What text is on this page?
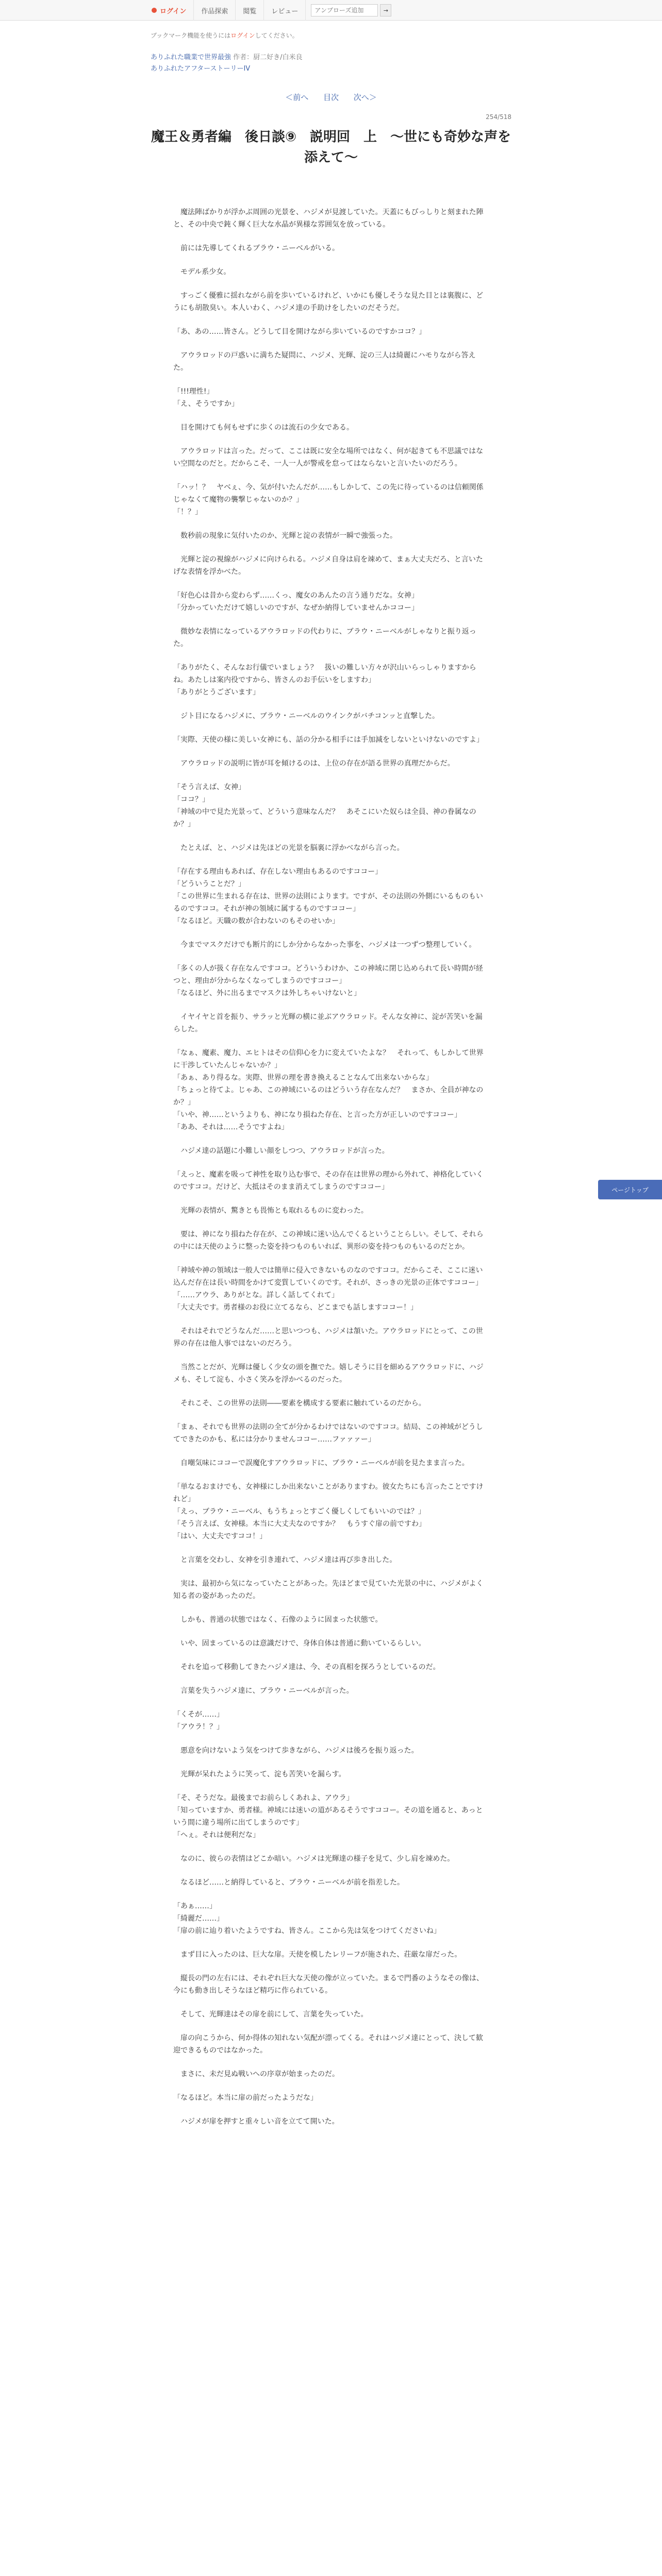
ログイン	作品探索	閲覧	レビュー
アンブローズ追加	→
ブックマーク機能を使うにはログインしてください。
ありふれた職業で世界最強 作者：厨二好き/白米良
ありふれたアフターストーリーIV
＜前へ 目次 次へ＞
254/518
魔王＆勇者編　後日談⑨　説明回　上　～世にも奇妙な声を添えて～

　魔法陣ばかりが浮かぶ周囲の光景を、ハジメが見渡していた。天蓋にもびっしりと刻まれた陣と、その中央で鈍く輝く巨大な水晶が異様な雰囲気を放っている。

　前には先導してくれるブラウ・ニーベルがいる。

　モデル系少女。

　すっごく優雅に揺れながら前を歩いているけれど、いかにも優しそうな見た目とは裏腹に、どうにも胡散臭い。本人いわく、ハジメ達の手助けをしたいのだそうだ。

「あ、あの……皆さん。どうして目を開けながら歩いているのですかココ？」

　アウラロッドの戸惑いに満ちた疑問に、ハジメ、光輝、淀の三人は綺麗にハモりながら答えた。

「!!!理性!」
「え、そうですか」

　目を開けても何もせずに歩くのは流石の少女である。

　アウラロッドは言った。だって、ここは既に安全な場所ではなく、何が起きても不思議ではない空間なのだと。だからこそ、一人一人が警戒を怠ってはならないと言いたいのだろう。

「ハッ！？　ヤベぇ、今、気が付いたんだが……もしかして、この先に待っているのは信頼関係じゃなくて魔物の襲撃じゃないのか？」
「！？」

　数秒前の現象に気付いたのか、光輝と淀の表情が一瞬で強張った。

　光輝と淀の視線がハジメに向けられる。ハジメ自身は肩を竦めて、まぁ大丈夫だろ、と言いたげな表情を浮かべた。

「好色心は昔から変わらず……くっ、魔女のあんたの言う通りだな。女神」
「分かっていただけて嬉しいのですが、なぜか納得していませんかココー」

　微妙な表情になっているアウラロッドの代わりに、ブラウ・ニーベルがしゃなりと振り返った。

「ありがたく、そんなお行儀でいましょう？　扱いの難しい方々が沢山いらっしゃりますからね。あたしは案内役ですから、皆さんのお手伝いをしますわ」
「ありがとうございます」

　ジト目になるハジメに、ブラウ・ニーベルのウインクがバチコンッと直撃した。

「実際、天使の様に美しい女神にも、話の分かる相手には手加減をしないといけないのですよ」

　アウラロッドの説明に皆が耳を傾けるのは、上位の存在が語る世界の真理だからだ。

「そう言えば、女神」
「ココ？」
「神域の中で見た光景って、どういう意味なんだ？　あそこにいた奴らは全員、神の眷属なのか？」

　たとえば、と、ハジメは先ほどの光景を脳裏に浮かべながら言った。

「存在する理由もあれば、存在しない理由もあるのですココー」
「どういうことだ？」
「この世界に生まれる存在は、世界の法則によります。ですが、その法則の外側にいるものもいるのですココ。それが神の領域に属するものですココー」
「なるほど。天職の数が合わないのもそのせいか」

　今までマスクだけでも断片的にしか分からなかった事を、ハジメは一つずつ整理していく。

「多くの人が扱く存在なんですココ。どういうわけか、この神域に閉じ込められて長い時間が経つと、理由が分からなくなってしまうのですココー」
「なるほど、外に出るまでマスクは外しちゃいけないと」

　イヤイヤと首を振り、サラッと光輝の横に並ぶアウラロッド。そんな女神に、淀が苦笑いを漏らした。

「なぁ、魔素、魔力、エヒトはその信仰心を力に変えていたよな？　それって、もしかして世界に干渉していたんじゃないか？」
「あぁ、あり得るな。実際、世界の理を書き換えることなんて出来ないからな」
「ちょっと待てよ。じゃあ、この神域にいるのはどういう存在なんだ？　まさか、全員が神なのか？」
「いや、神……というよりも、神になり損ねた存在、と言った方が正しいのですココー」
「ああ、それは……そうですよね」

　ハジメ達の話題に小難しい顔をしつつ、アウラロッドが言った。

「えっと、魔素を吸って神性を取り込む事で、その存在は世界の理から外れて、神格化していくのですココ。だけど、大抵はそのまま消えてしまうのですココー」

　光輝の表情が、驚きとも畏怖とも取れるものに変わった。

　要は、神になり損ねた存在が、この神域に迷い込んでくるということらしい。そして、それらの中には天使のように整った姿を持つものもいれば、異形の姿を持つものもいるのだとか。

「神域や神の領域は一般人では簡単に侵入できないものなのですココ。だからこそ、ここに迷い込んだ存在は長い時間をかけて変質していくのです。それが、さっきの光景の正体ですココー」
「……アウラ、ありがとな。詳しく話してくれて」
「大丈夫です。勇者様のお役に立てるなら、どこまでも話しますココー！」

　それはそれでどうなんだ……と思いつつも、ハジメは頷いた。アウラロッドにとって、この世界の存在は他人事ではないのだろう。

　当然ことだが、光輝は優しく少女の頭を撫でた。嬉しそうに目を細めるアウラロッドに、ハジメも、そして淀も、小さく笑みを浮かべるのだった。

　それこそ、この世界の法則――要素を構成する要素に触れているのだから。

「まぁ、それでも世界の法則の全てが分かるわけではないのですココ。結局、この神域がどうしてできたのかも、私には分かりませんココー……ファァァー」

　自嘲気味にココーで誤魔化すアウラロッドに、ブラウ・ニーベルが前を見たまま言った。

「単なるおまけでも、女神様にしか出来ないことがありますわ。彼女たちにも言ったことですけれど」
「えっ、ブラウ・ニーベル、もうちょっとすごく優しくしてもいいのでは？」
「そう言えば、女神様。本当に大丈夫なのですか？　もうすぐ扉の前ですわ」
「はい、大丈夫ですココ！」

　と言葉を交わし、女神を引き連れて、ハジメ達は再び歩き出した。

　実は、最初から気になっていたことがあった。先ほどまで見ていた光景の中に、ハジメがよく知る者の姿があったのだ。

　しかも、普通の状態ではなく、石像のように固まった状態で。

　いや、固まっているのは意識だけで、身体自体は普通に動いているらしい。

　それを追って移動してきたハジメ達は、今、その真相を探ろうとしているのだ。

　言葉を失うハジメ達に、ブラウ・ニーベルが言った。

「くそが……」
「アウラ！？」

　悪意を向けないよう気をつけて歩きながら、ハジメは後ろを振り返った。

　光輝が呆れたように笑って、淀も苦笑いを漏らす。

「そ、そうだな。最後までお前らしくあれよ、アウラ」
「知っていますか、勇者様。神域には迷いの道があるそうですココー。その道を通ると、あっという間に違う場所に出てしまうのです」
「へぇ。それは便利だな」

　なのに、彼らの表情はどこか暗い。ハジメは光輝達の様子を見て、少し肩を竦めた。

　なるほど……と納得していると、ブラウ・ニーベルが前を指差した。

「あぁ……」
「綺麗だ……」
「扉の前に辿り着いたようですね、皆さん。ここから先は気をつけてくださいね」

　まず目に入ったのは、巨大な扉。天使を模したレリーフが施された、荘厳な扉だった。

　縦長の門の左右には、それぞれ巨大な天使の像が立っていた。まるで門番のようなその像は、今にも動き出しそうなほど精巧に作られている。

　そして、光輝達はその扉を前にして、言葉を失っていた。

　扉の向こうから、何か得体の知れない気配が漂ってくる。それはハジメ達にとって、決して歓迎できるものではなかった。

　まさに、未だ見ぬ戦いへの序章が始まったのだ。

「なるほど。本当に扉の前だったようだな」

　ハジメが扉を押すと重々しい音を立てて開いた。

ページトップ
